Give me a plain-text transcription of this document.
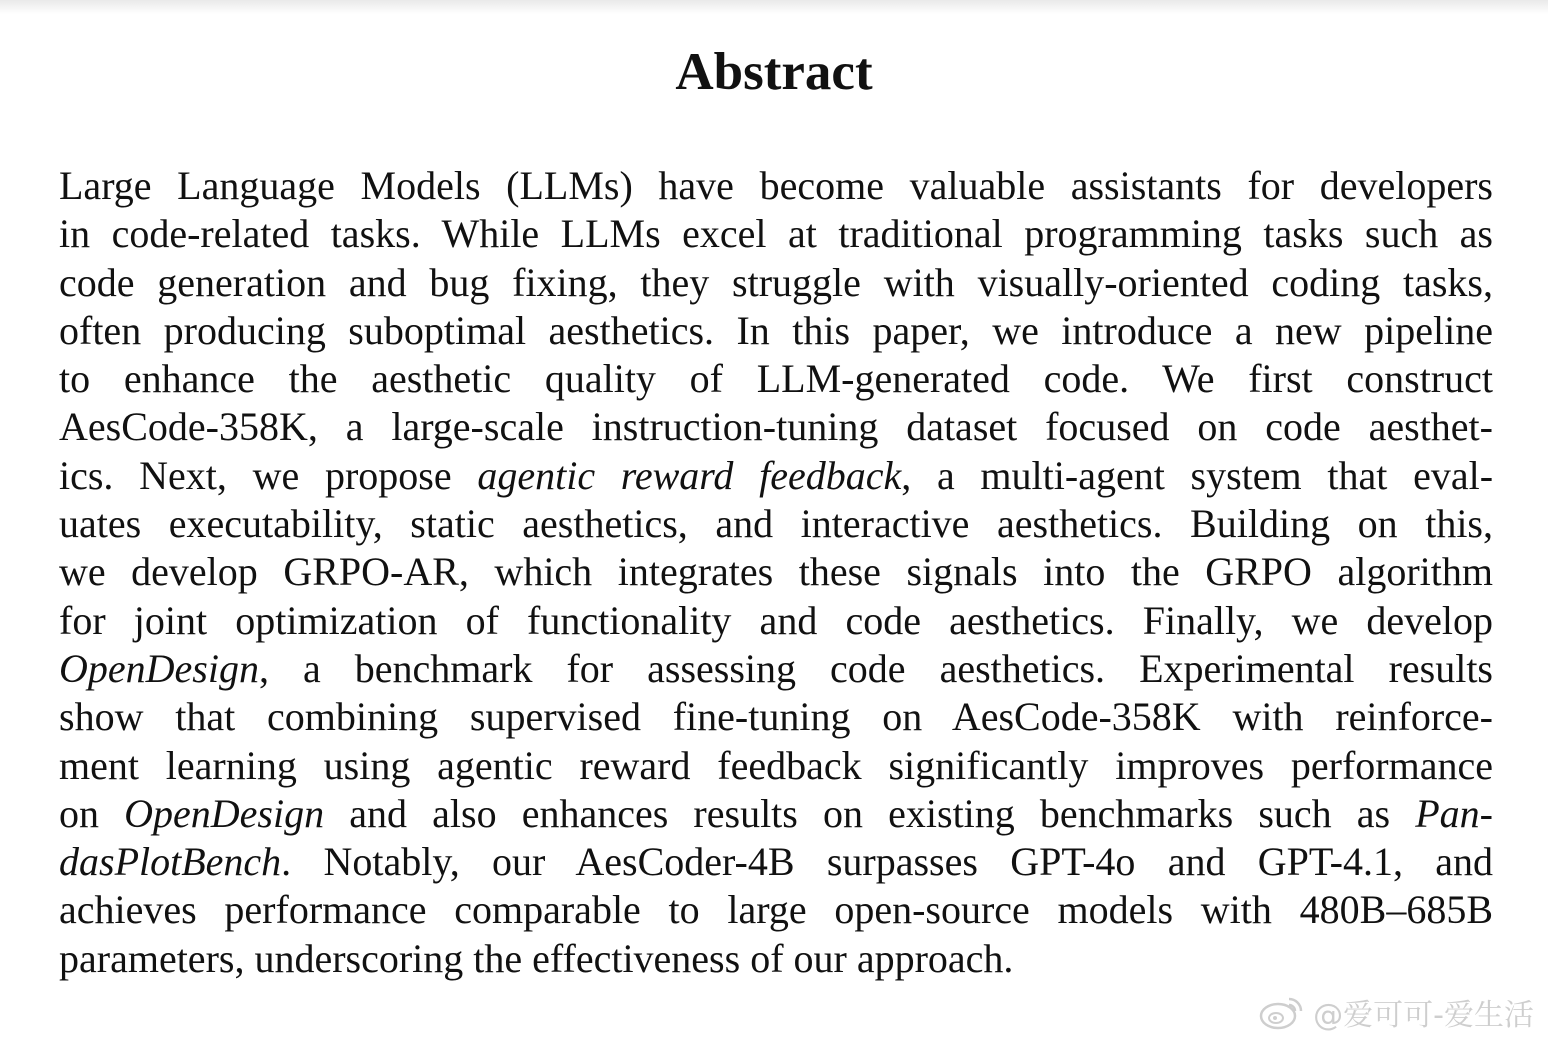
Abstract
Large Language Models (LLMs) have become valuable assistants for developers
in code-related tasks. While LLMs excel at traditional programming tasks such as
code generation and bug fixing, they struggle with visually-oriented coding tasks,
often producing suboptimal aesthetics. In this paper, we introduce a new pipeline
to enhance the aesthetic quality of LLM-generated code. We first construct
AesCode-358K, a large-scale instruction-tuning dataset focused on code aesthet-
ics. Next, we propose agentic reward feedback, a multi-agent system that eval-
uates executability, static aesthetics, and interactive aesthetics. Building on this,
we develop GRPO-AR, which integrates these signals into the GRPO algorithm
for joint optimization of functionality and code aesthetics. Finally, we develop
OpenDesign, a benchmark for assessing code aesthetics. Experimental results
show that combining supervised fine-tuning on AesCode-358K with reinforce-
ment learning using agentic reward feedback significantly improves performance
on OpenDesign and also enhances results on existing benchmarks such as Pan-
dasPlotBench. Notably, our AesCoder-4B surpasses GPT-4o and GPT-4.1, and
achieves performance comparable to large open-source models with 480B–685B
parameters, underscoring the effectiveness of our approach.
@爱可可-爱生活
